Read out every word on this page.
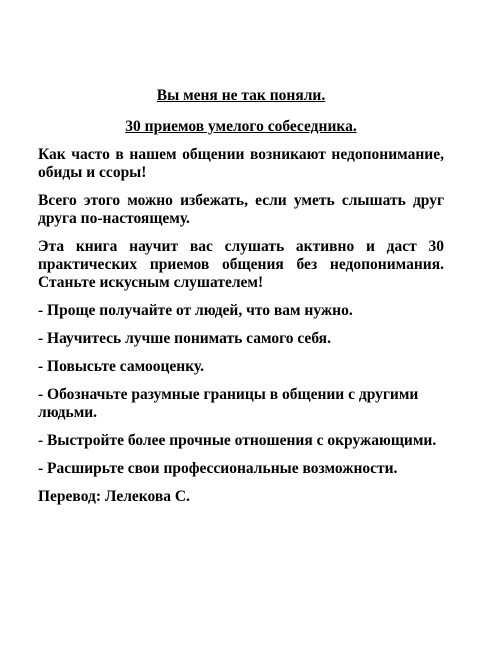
Вы меня не так поняли.

30 приемов умелого собеседника.

Как часто в нашем общении возникают недопонимание, обиды и ссоры!

Всего этого можно избежать, если уметь слышать друг друга по-настоящему.

Эта книга научит вас слушать активно и даст 30 практических приемов общения без недопонимания. Станьте искусным слушателем!

- Проще получайте от людей, что вам нужно.

- Научитесь лучше понимать самого себя.

- Повысьте самооценку.

- Обозначьте разумные границы в общении с другими людьми.

- Выстройте более прочные отношения с окружающими.

- Расширьте свои профессиональные возможности.

Перевод: Лелекова С.
